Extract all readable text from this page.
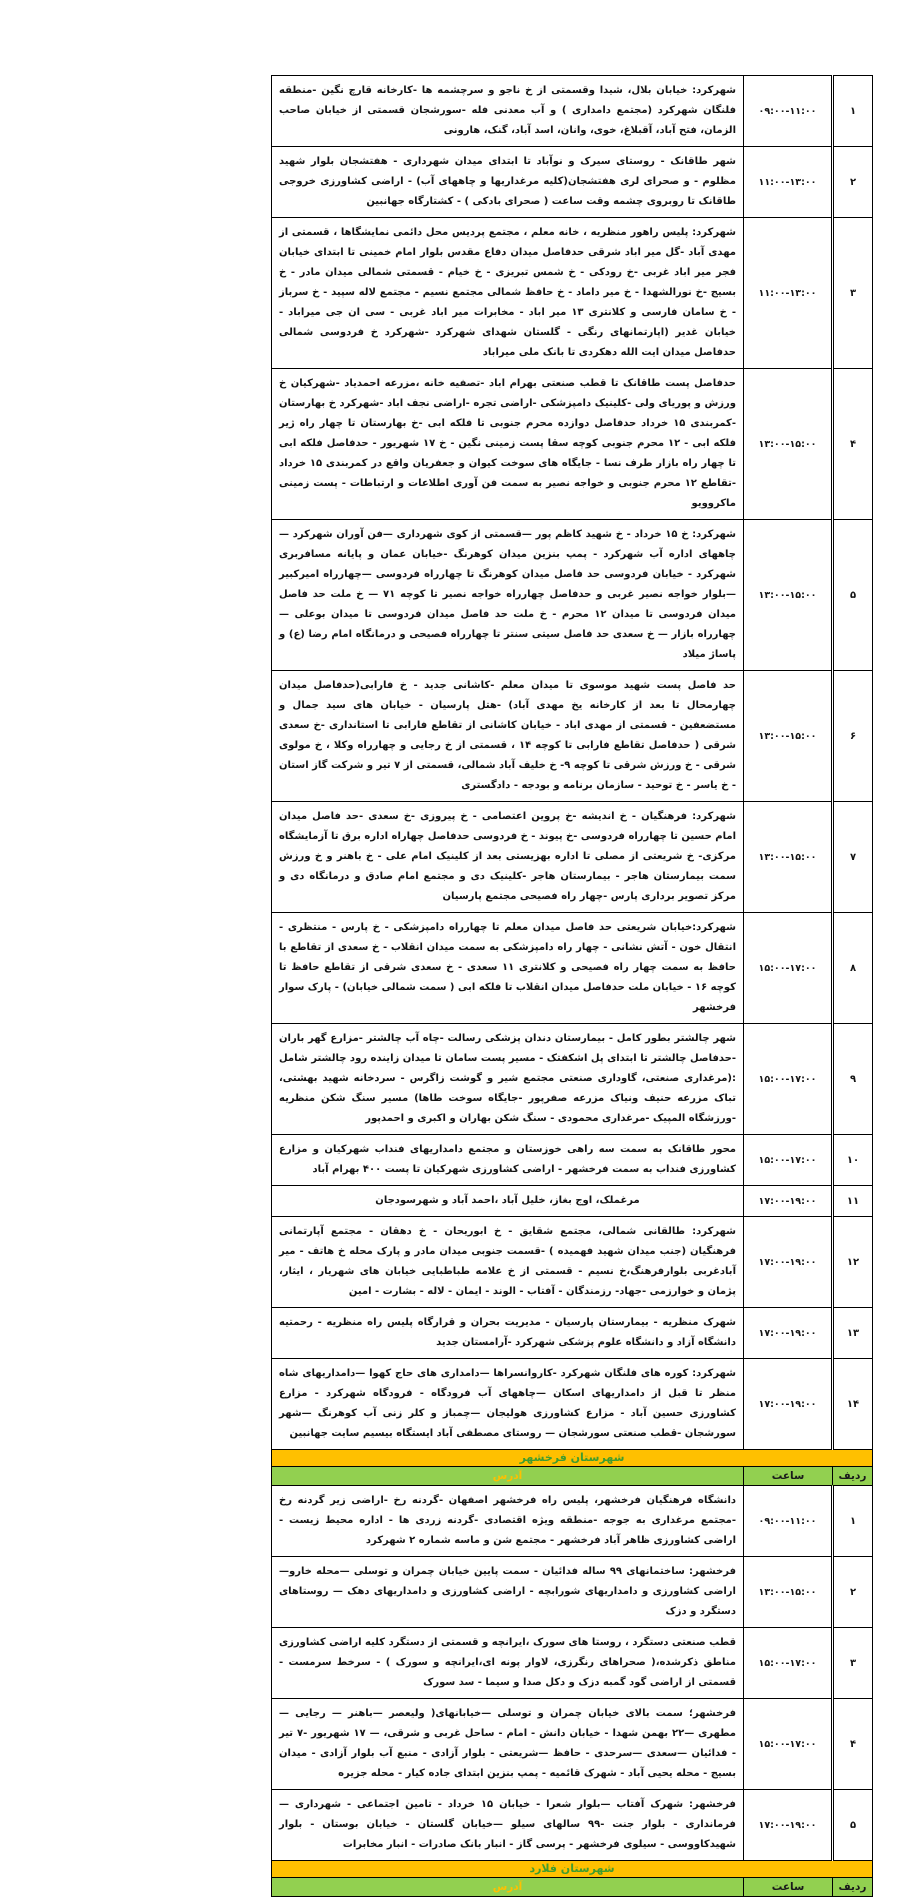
۱	۰۹:۰۰-۱۱:۰۰	شهرکرد: خیابان بلال، شیدا وقسمتی از خ ناجو و سرچشمه ها -کارخانه قارچ نگین -منطقه فلنگان شهرکرد (مجتمع دامداری ) و آب معدنی فله -سورشجان قسمتی از خیابان صاحب الزمان، فتح آباد، آقبلاغ، خوی، وانان، اسد آباد، گنک، هارونی
۲	۱۱:۰۰-۱۳:۰۰	شهر طاقانک - روستای سیرک و نوآباد تا ابتدای میدان شهرداری - هفتشجان بلوار شهید مظلوم - و صحرای لری هفتشجان(کلیه مرغداریها و چاههای آب) - اراضی کشاورزی خروجی طاقانک تا روبروی چشمه وقت ساعت ( صحرای بادکی ) - کشتارگاه جهانبین
۳	۱۱:۰۰-۱۳:۰۰	شهرکرد: پلیس راهور منظریه ، خانه معلم ، مجتمع پردیس محل دائمی نمایشگاها ، قسمتی از مهدی آباد -گل میر اباد شرقی حدفاصل میدان دفاع مقدس بلوار امام خمینی تا ابتدای خیابان فجر میر اباد غربی -خ رودکی - خ شمس تبریزی - خ خیام - قسمتی شمالی میدان مادر - خ بسیج -خ نورالشهدا - خ میر داماد - خ حافظ شمالی مجتمع نسیم - مجتمع لاله سپید - خ سرباز - خ سامان فارسی و کلانتری ۱۳ میر اباد - مخابرات میر اباد غربی - سی ان جی میراباد - خیابان غدیر (اپارتمانهای رنگی - گلستان شهدای شهرکرد -شهرکرد خ فردوسی شمالی حدفاصل میدان ایت الله دهکردی تا بانک ملی میراباد
۴	۱۳:۰۰-۱۵:۰۰	حدفاصل پست طاقانک تا قطب صنعتی بهرام اباد -تصفیه خانه ،مزرعه احمدیاد -شهرکیان خ ورزش و پوریای ولی -کلینیک دامپزشکی -اراضی تجره -اراضی نجف اباد -شهرکرد خ بهارستان -کمربندی ۱۵ خرداد حدفاصل دوازده محرم جنوبی تا فلکه ابی -خ بهارستان تا چهار راه ژیر فلکه ابی - ۱۲ محرم جنوبی کوچه سقا پست زمینی نگین - خ ۱۷ شهریور - حدفاصل فلکه ابی تا چهار راه بازار طرف نسا - جایگاه های سوخت کیوان و جعفریان واقع در کمربندی ۱۵ خرداد -تقاطع ۱۲ محرم جنوبی و خواجه نصیر به سمت فن آوری اطلاعات و ارتباطات - پست زمینی ماکروویو
۵	۱۳:۰۰-۱۵:۰۰	شهرکرد: خ ۱۵ خرداد - خ شهید کاظم پور —قسمتی از کوی شهرداری —فن آوران شهرکرد —چاههای اداره آب شهرکرد - پمپ بنزین میدان کوهرنگ -خیابان عمان و پایانه مسافربری شهرکرد - خیابان فردوسی حد فاصل میدان کوهرنگ تا چهارراه فردوسی —چهارراه امیرکبیر —بلوار خواجه نصیر غربی و حدفاصل چهارراه خواجه نصیر تا کوچه ۷۱ — خ ملت حد فاصل میدان فردوسی تا میدان ۱۲ محرم - خ ملت حد فاصل میدان فردوسی تا میدان بوعلی — چهارراه بازار — خ سعدی حد فاصل سیتی سنتر تا چهارراه فصیحی و درمانگاه امام رضا (ع) و پاساژ میلاد
۶	۱۳:۰۰-۱۵:۰۰	حد فاصل پست شهید موسوی تا میدان معلم -کاشانی جدید - خ فارابی(حدفاصل میدان چهارمحال تا بعد از کارخانه یخ مهدی آباد) -هتل پارسیان - خیابان های سید جمال و مستضعفین - قسمتی از مهدی اباد - خیابان کاشانی از تقاطع فارابی تا استانداری -خ سعدی شرقی ( حدفاصل تقاطع فارابی تا کوچه ۱۴ ، قسمتی از خ رجایی و چهارراه وکلا ، خ مولوی شرقی - خ ورزش شرقی تا کوچه ۹- خ خلیف آباد شمالی، قسمتی از ۷ تیر و شرکت گاز استان - خ یاسر - خ توحید - سازمان برنامه و بودجه - دادگستری
۷	۱۳:۰۰-۱۵:۰۰	شهرکرد: فرهنگیان - خ اندیشه -خ پروین اعتصامی - خ پیروزی -خ سعدی -حد فاصل میدان امام حسین تا چهارراه فردوسی -خ پیوند - خ فردوسی حدفاصل چهاراه اداره برق تا آزمایشگاه مرکزی- خ شریعتی از مصلی تا اداره بهزیستی بعد از کلینیک امام علی - خ باهنر و خ ورزش سمت بیمارستان هاجر - بیمارستان هاجر -کلینیک دی و مجتمع امام صادق و درمانگاه دی و مرکز تصویر برداری پارس -چهار راه فصیحی مجتمع پارسیان
۸	۱۵:۰۰-۱۷:۰۰	شهرکرد:خیابان شریعتی حد فاصل میدان معلم تا چهارراه دامپزشکی - خ پارس - منتظری - انتقال خون - آتش نشانی - چهار راه دامپزشکی به سمت میدان انقلاب - خ سعدی از تقاطع با حافظ به سمت چهار راه فصیحی و کلانتری ۱۱ سعدی - خ سعدی شرقی از تقاطع حافظ تا کوچه ۱۶ - خیابان ملت حدفاصل میدان انقلاب تا فلکه ابی ( سمت شمالی خیابان) - پارک سوار فرخشهر
۹	۱۵:۰۰-۱۷:۰۰	شهر چالشتر بطور کامل - بیمارستان دندان پزشکی رسالت -چاه آب چالشتر -مزارع گهر باران -حدفاصل چالشتر تا ابتدای پل اشکفتک - مسیر پست سامان تا میدان زاینده رود چالشتر شامل :(مرغداری صنعتی، گاوداری صنعتی مجتمع شیر و گوشت زاگرس - سردخانه شهید بهشتی، تباک مزرعه حنیف ونیاک مزرعه صفرپور -جایگاه سوخت طاها) مسیر سنگ شکن منظریه -ورزشگاه المپیک -مرغداری محمودی - سنگ شکن بهاران و اکبری و احمدپور
۱۰	۱۵:۰۰-۱۷:۰۰	محور طاقانک به سمت سه راهی خوزستان و مجتمع دامداریهای فنداب شهرکیان و مزارع کشاورزی فنداب به سمت فرخشهر - اراضی کشاورزی شهرکیان تا پست ۴۰۰ بهرام آباد
۱۱	۱۷:۰۰-۱۹:۰۰	مرغملک، اوج بغاز، خلیل آباد ،احمد آباد و شهرسودجان
۱۲	۱۷:۰۰-۱۹:۰۰	شهرکرد: طالقانی شمالی، مجتمع شقایق - خ ابوریحان - خ دهقان - مجتمع آپارتمانی فرهنگیان (جنب میدان شهید فهمیده ) -قسمت جنوبی میدان مادر و پارک محله خ هاتف - میر آبادغربی بلوارفرهنگ،خ نسیم - قسمتی از خ علامه طباطبایی خیابان های شهریار ، ایثار، پژمان و خوارزمی -جهاد- رزمندگان - آفتاب - الوند - ایمان - لاله - بشارت - امین
۱۳	۱۷:۰۰-۱۹:۰۰	شهرک منظریه - بیمارستان پارسیان - مدیریت بحران و قرارگاه پلیس راه منظریه - رحمتیه دانشگاه آزاد و دانشگاه علوم پزشکی شهرکرد -آرامستان جدید
۱۴	۱۷:۰۰-۱۹:۰۰	شهرکرد: کوره های فلنگان شهرکرد -کاروانسراها —دامداری های حاج کهوا —دامداریهای شاه منظر تا قبل از دامداریهای اسکان —چاههای آب فرودگاه - فرودگاه شهرکرد - مزارع کشاورزی حسین آباد - مزارع کشاورزی هولیجان —چمباز و کلر زنی آب کوهرنگ —شهر سورشجان -قطب صنعتی سورشجان — روستای مصطفی آباد ایستگاه بیسیم سایت جهانبین
شهرستان فرخشهر		
ردیف	ساعت	آدرس
۱	۰۹:۰۰-۱۱:۰۰	دانشگاه فرهنگیان فرخشهر، پلیس راه فرخشهر اصفهان -گردنه رخ -اراضی زیر گردنه رخ -مجتمع مرغداری به جوجه -منطقه ویژه اقتصادی -گردنه زردی ها - اداره محیط زیست - اراضی کشاورزی ظاهر آباد فرخشهر - مجتمع شن و ماسه شماره ۲ شهرکرد
۲	۱۳:۰۰-۱۵:۰۰	فرخشهر: ساختمانهای ۹۹ ساله فدائیان - سمت پایین خیابان چمران و توسلی —محله خارو—اراضی کشاورزی و دامداریهای شورابچه - اراضی کشاورزی و دامداریهای دهک — روستاهای دستگرد و دزک
۳	۱۵:۰۰-۱۷:۰۰	قطب صنعتی دستگرد ، روستا های سورک ،ایرانچه و قسمتی از دستگرد کلیه اراضی کشاورزی مناطق ذکرشده،( صحراهای رنگرزی، لاوار پونه ای،ایرانچه و سورک ) - سرخط سرمست - قسمتی از اراضی گود گمبه دزک و دکل صدا و سیما - سد سورک
۴	۱۵:۰۰-۱۷:۰۰	فرخشهر؛ سمت بالای خیابان چمران و توسلی —خیابانهای( ولیعصر —باهنر — رجایی —مطهری —۲۲ بهمن شهدا - خیابان دانش - امام - ساحل غربی و شرقی، — ۱۷ شهریور -۷ تیر - فدائیان —سعدی —سرحدی - حافظ —شریعتی - بلوار آزادی - منبع آب بلوار آزادی - میدان بسیج - محله یحیی آباد - شهرک قائمیه - پمپ بنزین ابتدای جاده کیار - محله جزیره
۵	۱۷:۰۰-۱۹:۰۰	فرخشهر: شهرک آفتاب —بلوار شعرا - خیابان ۱۵ خرداد - تامین اجتماعی - شهرداری —فرمانداری - بلوار جنت -۹۹ سالهای سیلو —خیابان گلستان - خیابان بوستان - بلوار شهیدکاووسی - سیلوی فرخشهر - پرسی گاز - انبار بانک صادرات - انبار مخابرات
شهرستان فلارد		
ردیف	ساعت	آدرس
